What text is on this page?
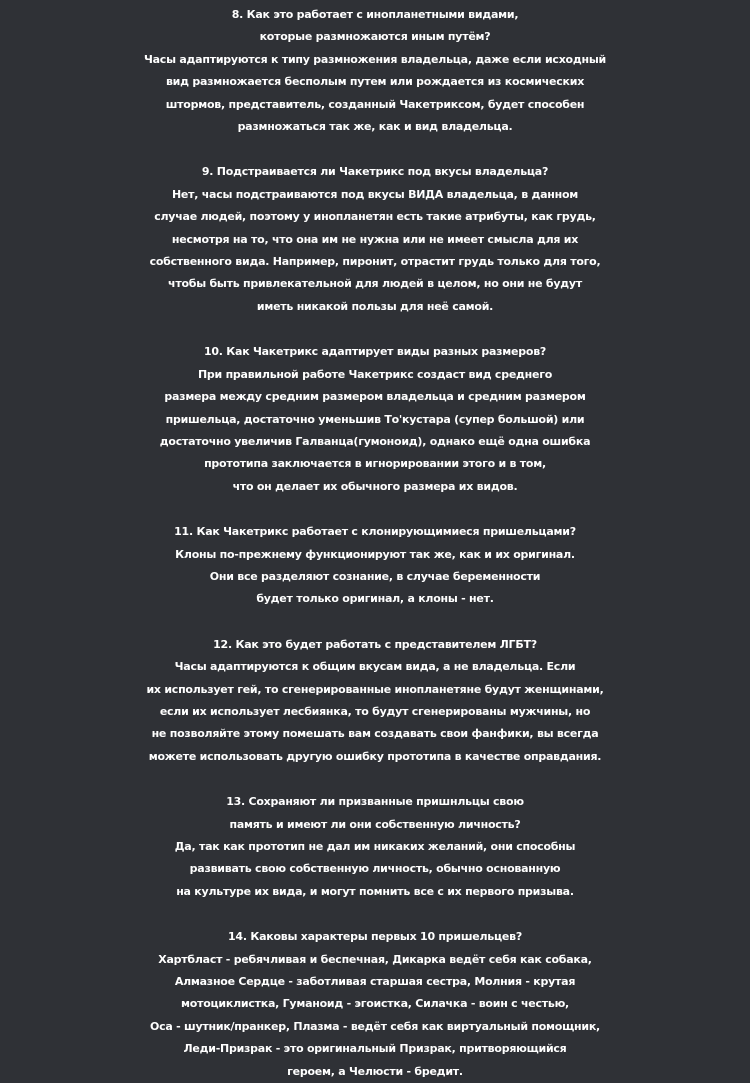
8. Как это работает с инопланетными видами,
которые размножаются иным путём?
Часы адаптируются к типу размножения владельца, даже если исходный
вид размножается бесполым путем или рождается из космических
штормов, представитель, созданный Чакетриксом, будет способен
размножаться так же, как и вид владельца.
9. Подстраивается ли Чакетрикс под вкусы владельца?
Нет, часы подстраиваются под вкусы ВИДА владельца, в данном
случае людей, поэтому у инопланетян есть такие атрибуты, как грудь,
несмотря на то, что она им не нужна или не имеет смысла для их
собственного вида. Например, пиронит, отрастит грудь только для того,
чтобы быть привлекательной для людей в целом, но они не будут
иметь никакой пользы для неё самой.
10. Как Чакетрикс адаптирует виды разных размеров?
При правильной работе Чакетрикс создаст вид среднего
размера между средним размером владельца и средним размером
пришельца, достаточно уменьшив То'кустара (супер большой) или
достаточно увеличив Галванца(гумоноид), однако ещё одна ошибка
прототипа заключается в игнорировании этого и в том,
что он делает их обычного размера их видов.
11. Как Чакетрикс работает с клонирующимиеся пришельцами?
Клоны по-прежнему функционируют так же, как и их оригинал.
Они все разделяют сознание, в случае беременности
будет только оригинал, а клоны - нет.
12. Как это будет работать с представителем ЛГБТ?
Часы адаптируются к общим вкусам вида, а не владельца. Если
их использует гей, то сгенерированные инопланетяне будут женщинами,
если их использует лесбиянка, то будут сгенерированы мужчины, но
не позволяйте этому помешать вам создавать свои фанфики, вы всегда
можете использовать другую ошибку прототипа в качестве оправдания.
13. Сохраняют ли призванные пришнльцы свою
память и имеют ли они собственную личность?
Да, так как прототип не дал им никаких желаний, они способны
развивать свою собственную личность, обычно основанную
на культуре их вида, и могут помнить все с их первого призыва.
14. Каковы характеры первых 10 пришельцев?
Хартбласт - ребячливая и беспечная, Дикарка ведёт себя как собака,
Алмазное Сердце - заботливая старшая сестра, Молния - крутая
мотоциклистка, Гуманоид - эгоистка, Силачка - воин с честью,
Оса - шутник/пранкер, Плазма - ведёт себя как виртуальный помощник,
Леди-Призрак - это оригинальный Призрак, притворяющийся
героем, а Челюсти - бредит.
